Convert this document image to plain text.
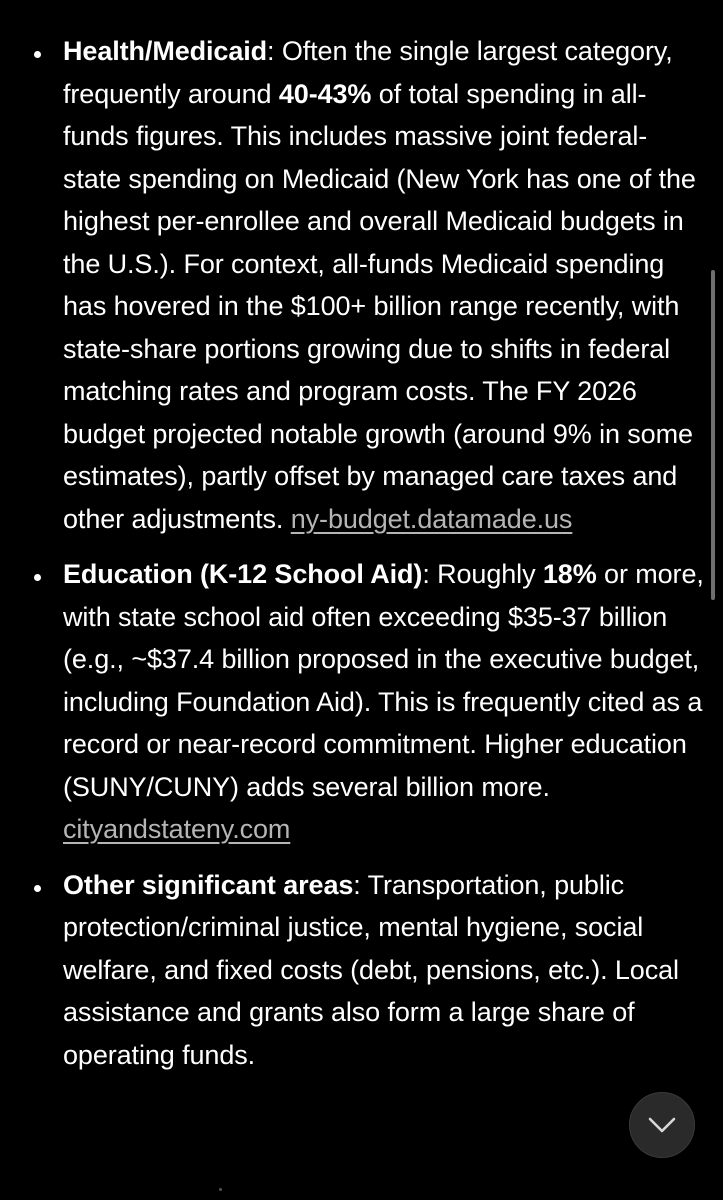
Health/Medicaid: Often the single largest category, frequently around 40-43% of total spending in all-funds figures. This includes massive joint federal-state spending on Medicaid (New York has one of the highest per-enrollee and overall Medicaid budgets in the U.S.). For context, all-funds Medicaid spending has hovered in the $100+ billion range recently, with state-share portions growing due to shifts in federal matching rates and program costs. The FY 2026 budget projected notable growth (around 9% in some estimates), partly offset by managed care taxes and other adjustments. ny-budget.datamade.us
Education (K-12 School Aid): Roughly 18% or more, with state school aid often exceeding $35-37 billion (e.g., ~$37.4 billion proposed in the executive budget, including Foundation Aid). This is frequently cited as a record or near-record commitment. Higher education (SUNY/CUNY) adds several billion more. cityandstateny.com
Other significant areas: Transportation, public protection/criminal justice, mental hygiene, social welfare, and fixed costs (debt, pensions, etc.). Local assistance and grants also form a large share of operating funds.
